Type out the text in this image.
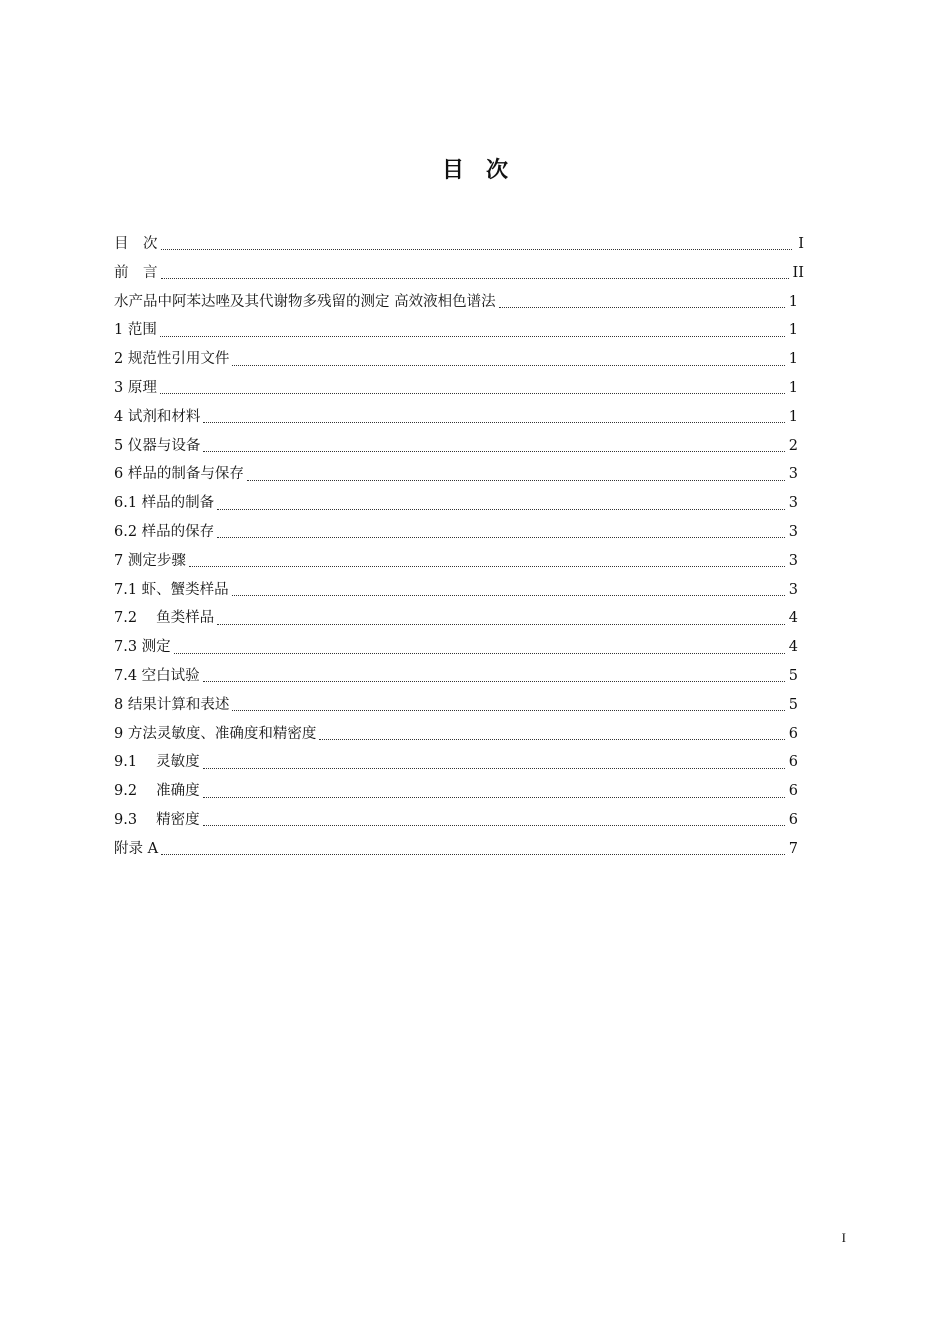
目　次
目　次	I
前　言	II
水产品中阿苯达唑及其代谢物多残留的测定 高效液相色谱法	1
1 范围	1
2 规范性引用文件	1
3 原理	1
4 试剂和材料	1
5 仪器与设备	2
6 样品的制备与保存	3
6.1 样品的制备	3
6.2 样品的保存	3
7 测定步骤	3
7.1 虾、蟹类样品	3
7.2　 鱼类样品	4
7.3 测定	4
7.4 空白试验	5
8 结果计算和表述	5
9 方法灵敏度、准确度和精密度	6
9.1　 灵敏度	6
9.2　 准确度	6
9.3　 精密度	6
附录 A	7
I
